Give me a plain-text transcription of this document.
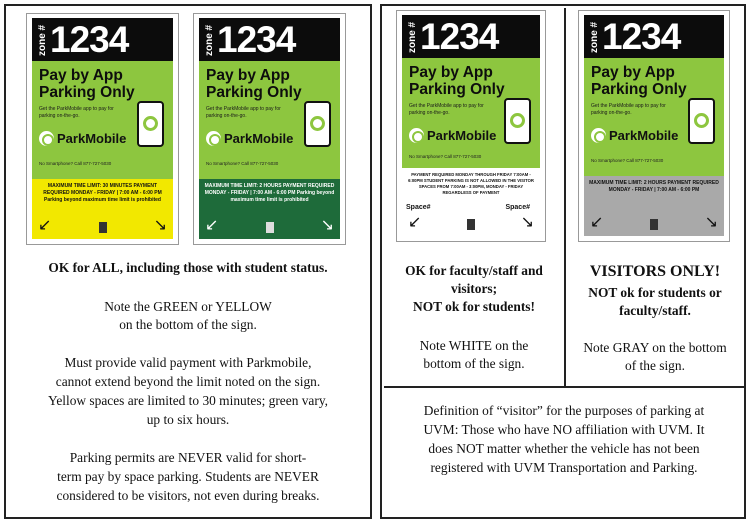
zone # 1234
Pay by App Parking Only
Get the ParkMobile app to pay for parking on-the-go.
ParkMobile
No Smartphone? Call 877-727-5030
MAXIMUM TIME LIMIT: 30 MINUTES PAYMENT REQUIRED MONDAY - FRIDAY | 7:00 AM - 6:00 PM Parking beyond maximum time limit is prohibited
↙	↘
zone # 1234
Pay by App Parking Only
Get the ParkMobile app to pay for parking on-the-go.
ParkMobile
No Smartphone? Call 877-727-5030
MAXIMUM TIME LIMIT: 2 HOURS PAYMENT REQUIRED MONDAY - FRIDAY | 7:00 AM - 6:00 PM Parking beyond maximum time limit is prohibited
↙	↘
OK for ALL, including those with student status.
Note the GREEN or YELLOW
on the bottom of the sign.
Must provide valid payment with Parkmobile,
cannot extend beyond the limit noted on the sign.
Yellow spaces are limited to 30 minutes; green vary,
up to six hours.
Parking permits are NEVER valid for short-
term pay by space parking. Students are NEVER
considered to be visitors, not even during breaks.
zone # 1234
Pay by App Parking Only
Get the ParkMobile app to pay for parking on-the-go.
ParkMobile
No Smartphone? Call 877-727-5030
PAYMENT REQUIRED MONDAY THROUGH FRIDAY 7:00AM - 6:00PM STUDENT PARKING IS NOT ALLOWED IN THE VISITOR SPACES FROM 7:00AM - 3:00PM, MONDAY - FRIDAY REGARDLESS OF PAYMENT
Space#	Space#
↙	↘
zone # 1234
Pay by App Parking Only
Get the ParkMobile app to pay for parking on-the-go.
ParkMobile
No Smartphone? Call 877-727-5030
MAXIMUM TIME LIMIT: 2 HOURS PAYMENT REQUIRED MONDAY - FRIDAY | 7:00 AM - 6:00 PM
↙	↘
OK for faculty/staff and
visitors;
NOT ok for students!
Note WHITE on the
bottom of the sign.
VISITORS ONLY!
NOT ok for students or
faculty/staff.
Note GRAY on the bottom
of the sign.
Definition of “visitor” for the purposes of parking at
UVM: Those who have NO affiliation with UVM. It
does NOT matter whether the vehicle has not been
registered with UVM Transportation and Parking.
